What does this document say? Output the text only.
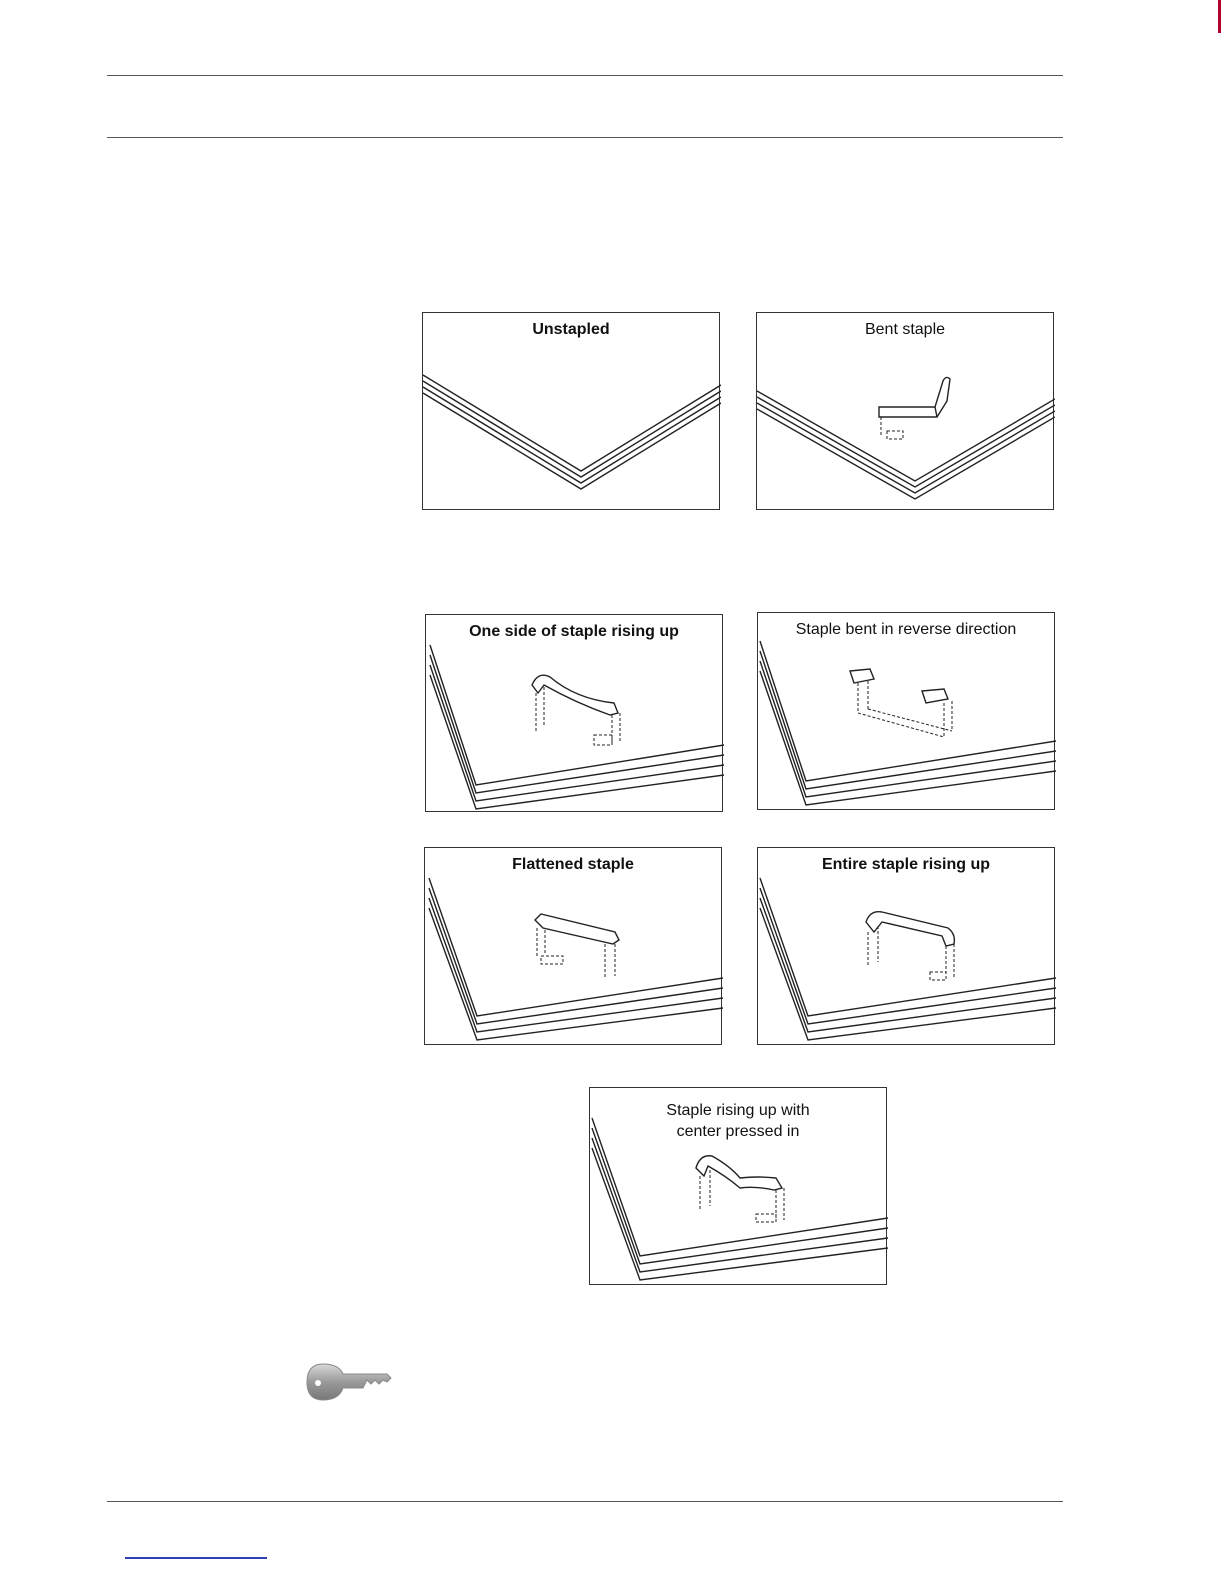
Unstapled	Bent staple
One side of staple rising up	Staple bent in reverse direction
Flattened staple	Entire staple rising up
Staple rising up with
center pressed in
